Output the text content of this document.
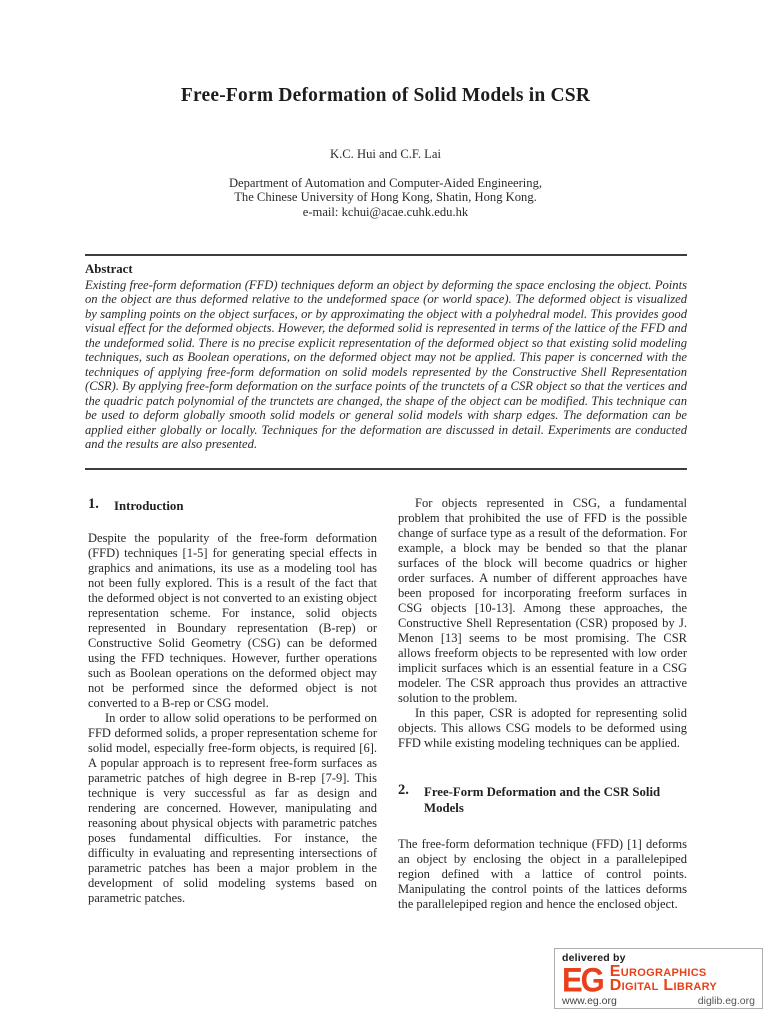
Free-Form Deformation of Solid Models in CSR
K.C. Hui and C.F. Lai
Department of Automation and Computer-Aided Engineering,
The Chinese University of Hong Kong, Shatin, Hong Kong.
e-mail: kchui@acae.cuhk.edu.hk
Abstract
Existing free-form deformation (FFD) techniques deform an object by deforming the space enclosing the object. Points on the object are thus deformed relative to the undeformed space (or world space). The deformed object is visualized by sampling points on the object surfaces, or by approximating the object with a polyhedral model. This provides good visual effect for the deformed objects. However, the deformed solid is represented in terms of the lattice of the FFD and the undeformed solid. There is no precise explicit representation of the deformed object so that existing solid modeling techniques, such as Boolean operations, on the deformed object may not be applied. This paper is concerned with the techniques of applying free-form deformation on solid models represented by the Constructive Shell Representation (CSR). By applying free-form deformation on the surface points of the trunctets of a CSR object so that the vertices and the quadric patch polynomial of the trunctets are changed, the shape of the object can be modified. This technique can be used to deform globally smooth solid models or general solid models with sharp edges. The deformation can be applied either globally or locally. Techniques for the deformation are discussed in detail. Experiments are conducted and the results are also presented.
1.	Introduction

Despite the popularity of the free-form deformation (FFD) techniques [1-5] for generating special effects in graphics and animations, its use as a modeling tool has not been fully explored. This is a result of the fact that the deformed object is not converted to an existing object representation scheme. For instance, solid objects represented in Boundary representation (B-rep) or Constructive Solid Geometry (CSG) can be deformed using the FFD techniques. However, further operations such as Boolean operations on the deformed object may not be performed since the deformed object is not converted to a B-rep or CSG model.

In order to allow solid operations to be performed on FFD deformed solids, a proper representation scheme for solid model, especially free-form objects, is required [6]. A popular approach is to represent free-form surfaces as parametric patches of high degree in B-rep [7-9]. This technique is very successful as far as design and rendering are concerned. However, manipulating and reasoning about physical objects with parametric patches poses fundamental difficulties. For instance, the difficulty in evaluating and representing intersections of parametric patches has been a major problem in the development of solid modeling systems based on parametric patches.

For objects represented in CSG, a fundamental problem that prohibited the use of FFD is the possible change of surface type as a result of the deformation. For example, a block may be bended so that the planar surfaces of the block will become quadrics or higher order surfaces. A number of different approaches have been proposed for incorporating freeform surfaces in CSG objects [10-13]. Among these approaches, the Constructive Shell Representation (CSR) proposed by J. Menon [13] seems to be most promising. The CSR allows freeform objects to be represented with low order implicit surfaces which is an essential feature in a CSG modeler. The CSR approach thus provides an attractive solution to the problem.

In this paper, CSR is adopted for representing solid objects. This allows CSG models to be deformed using FFD while existing modeling techniques can be applied.

2.	Free-Form Deformation and the CSR Solid Models

The free-form deformation technique (FFD) [1] deforms an object by enclosing the object in a parallelepiped region defined with a lattice of control points. Manipulating the control points of the lattices deforms the parallelepiped region and hence the enclosed object.

delivered by
EG Eurographics
Digital Library
www.eg.org	diglib.eg.org
